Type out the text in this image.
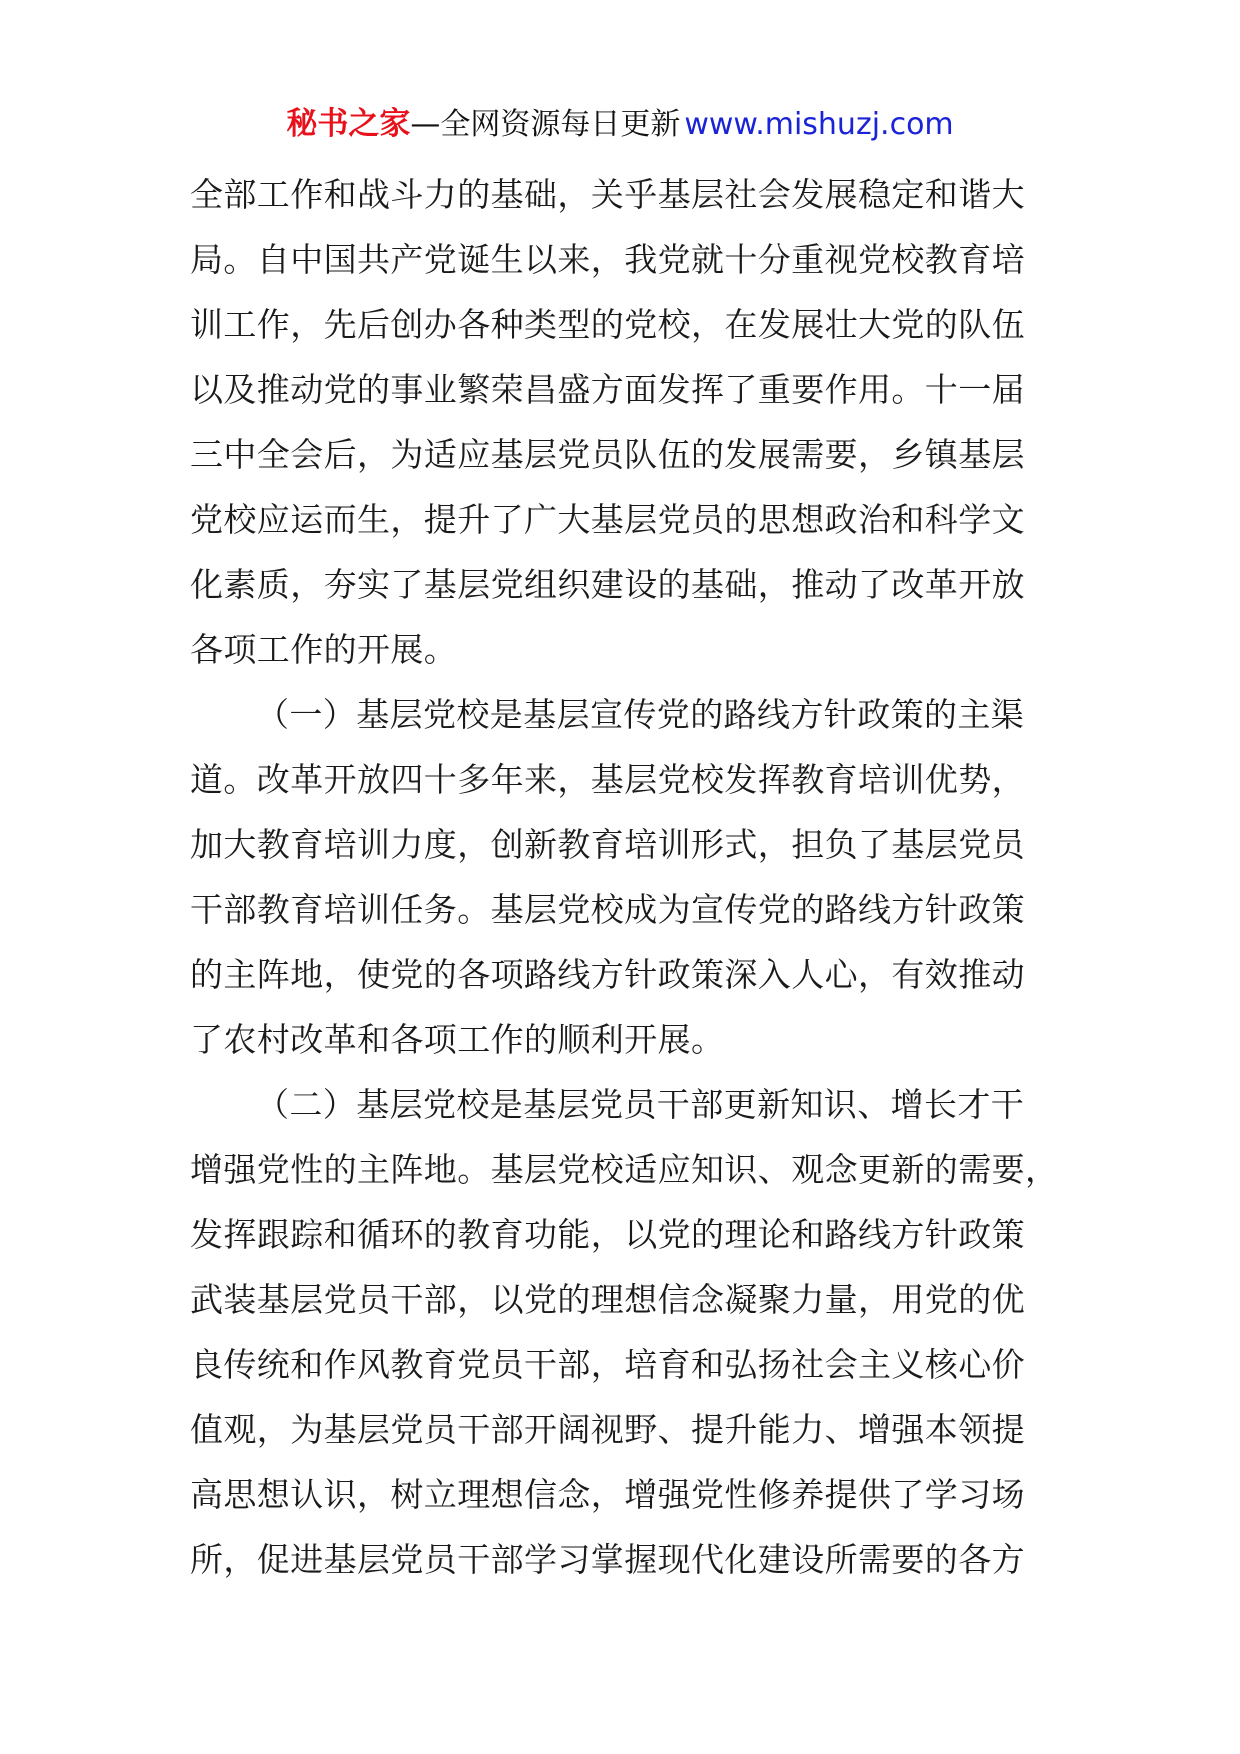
秘书之家—全网资源每日更新 www.mishuzj.com
全部工作和战斗力的基础，关乎基层社会发展稳定和谐大
局。自中国共产党诞生以来，我党就十分重视党校教育培
训工作，先后创办各种类型的党校，在发展壮大党的队伍
以及推动党的事业繁荣昌盛方面发挥了重要作用。十一届
三中全会后，为适应基层党员队伍的发展需要，乡镇基层
党校应运而生，提升了广大基层党员的思想政治和科学文
化素质，夯实了基层党组织建设的基础，推动了改革开放
各项工作的开展。
（一）基层党校是基层宣传党的路线方针政策的主渠
道。改革开放四十多年来，基层党校发挥教育培训优势，
加大教育培训力度，创新教育培训形式，担负了基层党员
干部教育培训任务。基层党校成为宣传党的路线方针政策
的主阵地，使党的各项路线方针政策深入人心，有效推动
了农村改革和各项工作的顺利开展。
（二）基层党校是基层党员干部更新知识、增长才干
增强党性的主阵地。基层党校适应知识、观念更新的需要，
发挥跟踪和循环的教育功能，以党的理论和路线方针政策
武装基层党员干部，以党的理想信念凝聚力量，用党的优
良传统和作风教育党员干部，培育和弘扬社会主义核心价
值观，为基层党员干部开阔视野、提升能力、增强本领提
高思想认识，树立理想信念，增强党性修养提供了学习场
所，促进基层党员干部学习掌握现代化建设所需要的各方
